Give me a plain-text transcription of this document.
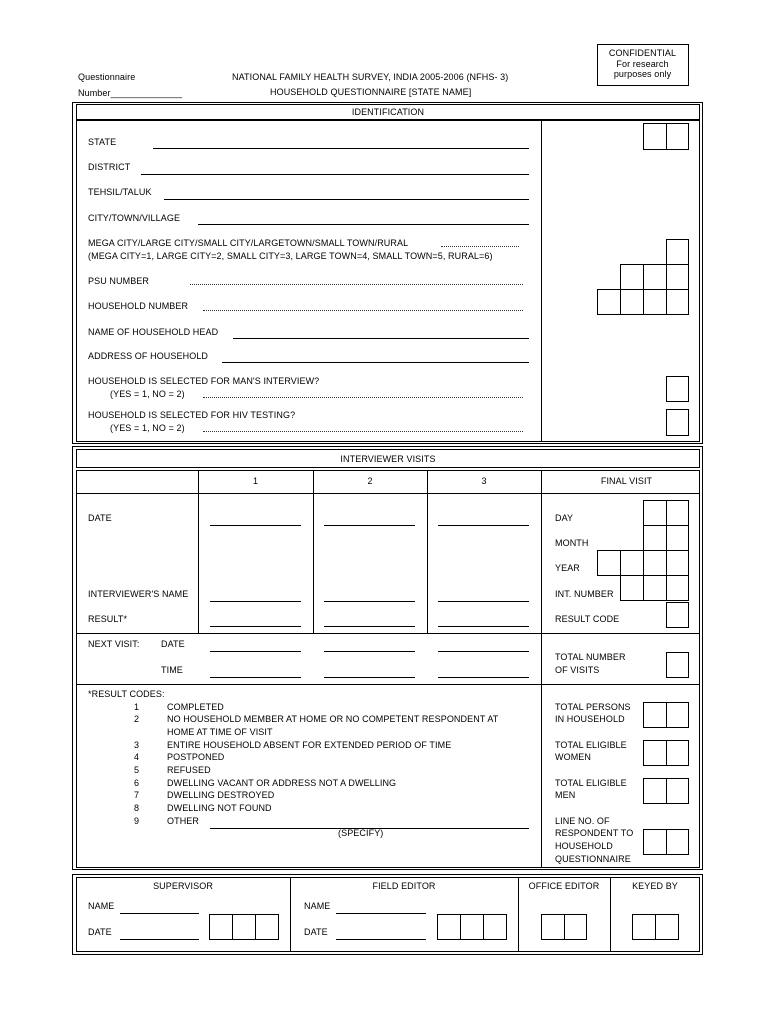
Questionnaire
Number______________
NATIONAL FAMILY HEALTH SURVEY, INDIA 2005-2006 (NFHS- 3)
HOUSEHOLD QUESTIONNAIRE [STATE NAME]
CONFIDENTIAL
For research
purposes only
IDENTIFICATION
STATE
DISTRICT
TEHSIL/TALUK
CITY/TOWN/VILLAGE
MEGA CITY/LARGE CITY/SMALL CITY/LARGETOWN/SMALL TOWN/RURAL
(MEGA CITY=1, LARGE CITY=2, SMALL CITY=3, LARGE TOWN=4, SMALL TOWN=5, RURAL=6)
PSU NUMBER
HOUSEHOLD NUMBER
NAME OF HOUSEHOLD HEAD
ADDRESS OF HOUSEHOLD
HOUSEHOLD IS SELECTED FOR MAN'S INTERVIEW?
(YES = 1, NO = 2)
HOUSEHOLD IS SELECTED FOR HIV TESTING?
(YES = 1, NO = 2)
INTERVIEWER VISITS
1	2	3	FINAL VISIT
DATE
INTERVIEWER'S NAME
RESULT*
NEXT VISIT: DATE
TIME
DAY
MONTH
YEAR
INT. NUMBER
RESULT CODE
TOTAL NUMBER
OF VISITS
*RESULT CODES:
1	COMPLETED
2	NO HOUSEHOLD MEMBER AT HOME OR NO COMPETENT RESPONDENT AT
HOME AT TIME OF VISIT
3	ENTIRE HOUSEHOLD ABSENT FOR EXTENDED PERIOD OF TIME
4	POSTPONED
5	REFUSED
6	DWELLING VACANT OR ADDRESS NOT A DWELLING
7	DWELLING DESTROYED
8	DWELLING NOT FOUND
9	OTHER
(SPECIFY)
TOTAL PERSONS
IN HOUSEHOLD
TOTAL ELIGIBLE
WOMEN
TOTAL ELIGIBLE
MEN
LINE NO. OF
RESPONDENT TO
HOUSEHOLD
QUESTIONNAIRE
SUPERVISOR	FIELD EDITOR	OFFICE EDITOR	KEYED BY
NAME
DATE
NAME
DATE
